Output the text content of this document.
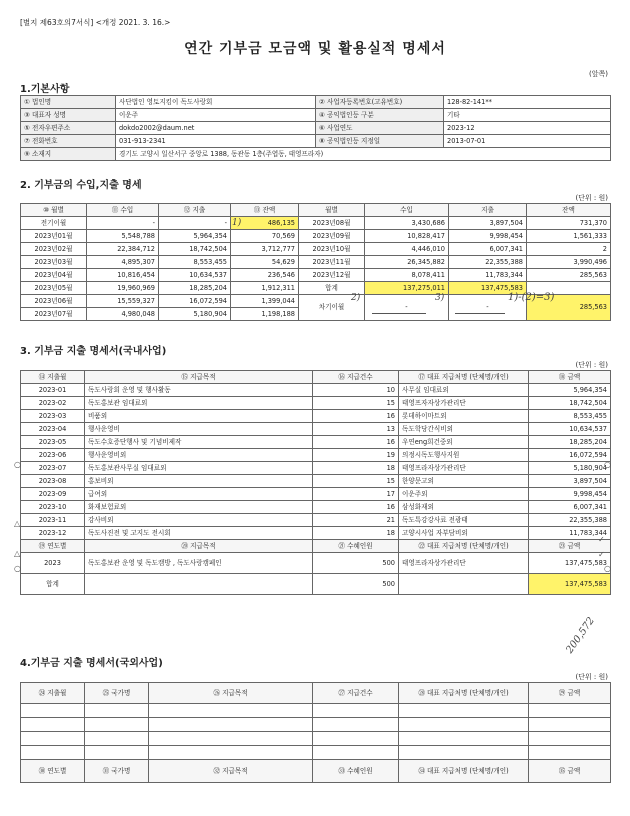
[별지 제63호의7서식] <개정 2021. 3. 16.>
연간 기부금 모금액 및 활용실적 명세서
(앞쪽)
1.기본사항
① 법인명	사단법인 영토지킴이 독도사랑회	② 사업자등록번호(고유번호)	128-82-141**
③ 대표자 성명	이운주	④ 공익법인등 구분	기타
⑤ 전자우편주소	dokdo2002@daum.net	⑥ 사업연도	2023-12
⑦ 전화번호	031-913-2341	⑧ 공익법인등 지정일	2013-07-01
⑨ 소재지	경기도 고양시 일산서구 중앙로 1388, 동관동 1층(주엽동, 태영프라자)		
2. 기부금의 수입,지출 명세
(단위 : 원)
⑩ 월별	⑪ 수입	⑫ 지출	⑬ 잔액	월별	수입	지출	잔액
전기이월	-	-	486,135	2023년08월	3,430,686	3,897,504	731,370
2023년01월	5,548,788	5,964,354	70,569	2023년09월	10,828,417	9,998,454	1,561,333
2023년02월	22,384,712	18,742,504	3,712,777	2023년10월	4,446,010	6,007,341	2
2023년03월	4,895,307	8,553,455	54,629	2023년11월	26,345,882	22,355,388	3,990,496
2023년04월	10,816,454	10,634,537	236,546	2023년12월	8,078,411	11,783,344	285,563
2023년05월	19,960,969	18,285,204	1,912,311	합계	137,275,011	137,475,583	
2023년06월	15,559,327	16,072,594	1,399,044	차기이월	-	-	285,563
2023년07월	4,980,048	5,180,904	1,198,188				
3. 기부금 지출 명세서(국내사업)
(단위 : 원)
⑭ 지출월	⑮ 지급목적	⑯ 지급건수	⑰ 대표 지급처명 (단체명/개인)	⑱ 금액
2023-01	독도사랑회 운영 및 행사활동	10	사무실 임대료외	5,964,354
2023-02	독도홍보관 임대료외	15	태영프자자상가관리단	18,742,504
2023-03	비품외	16	롯데하이마트외	8,553,455
2023-04	행사운영비	13	독도학당간식비외	10,634,537
2023-05	독도수호증단행사 및 기념비제작	16	우연eng희건중외	18,285,204
2023-06	행사운영비외	19	의정시독도행사지원	16,072,594
2023-07	독도홍보관사무실 임대료외	18	태영프라자상가관리단	5,180,904
2023-08	홍보비외	15	한양문고외	3,897,504
2023-09	급여외	17	이운주외	9,998,454
2023-10	화재보험료외	16	삼성화재외	6,007,341
2023-11	강사비외	21	독도특강강사료 전광태	22,355,388
2023-12	독도사진전 및 고지도 전시회	18	고양시사업 자부담비외	11,783,344
⑲ 연도별	⑳ 지급목적	㉑ 수혜인원	㉒ 대표 지급처명 (단체명/개인)	㉓ 금액
2023	독도홍보관 운영 및 독도캠방 , 독도사랑캠페인	500	태영프라자상가관리단	137,475,583
합계		500		137,475,583
4.기부금 지출 명세서(국외사업)
(단위 : 원)
㉔ 지출월	㉕ 국가명	㉖ 지급목적	㉗ 지급건수	㉘ 대표 지급처명 (단체명/개인)	㉙ 금액

㉚ 연도별	㉛ 국가명	㉜ 지급목적	㉝ 수혜인원	㉞ 대표 지급처명 (단체명/개인)	㉟ 금액
1)
2)	3)	1)-(2)=3)
200,572
○	○
△
△
○	○
✓
✓
